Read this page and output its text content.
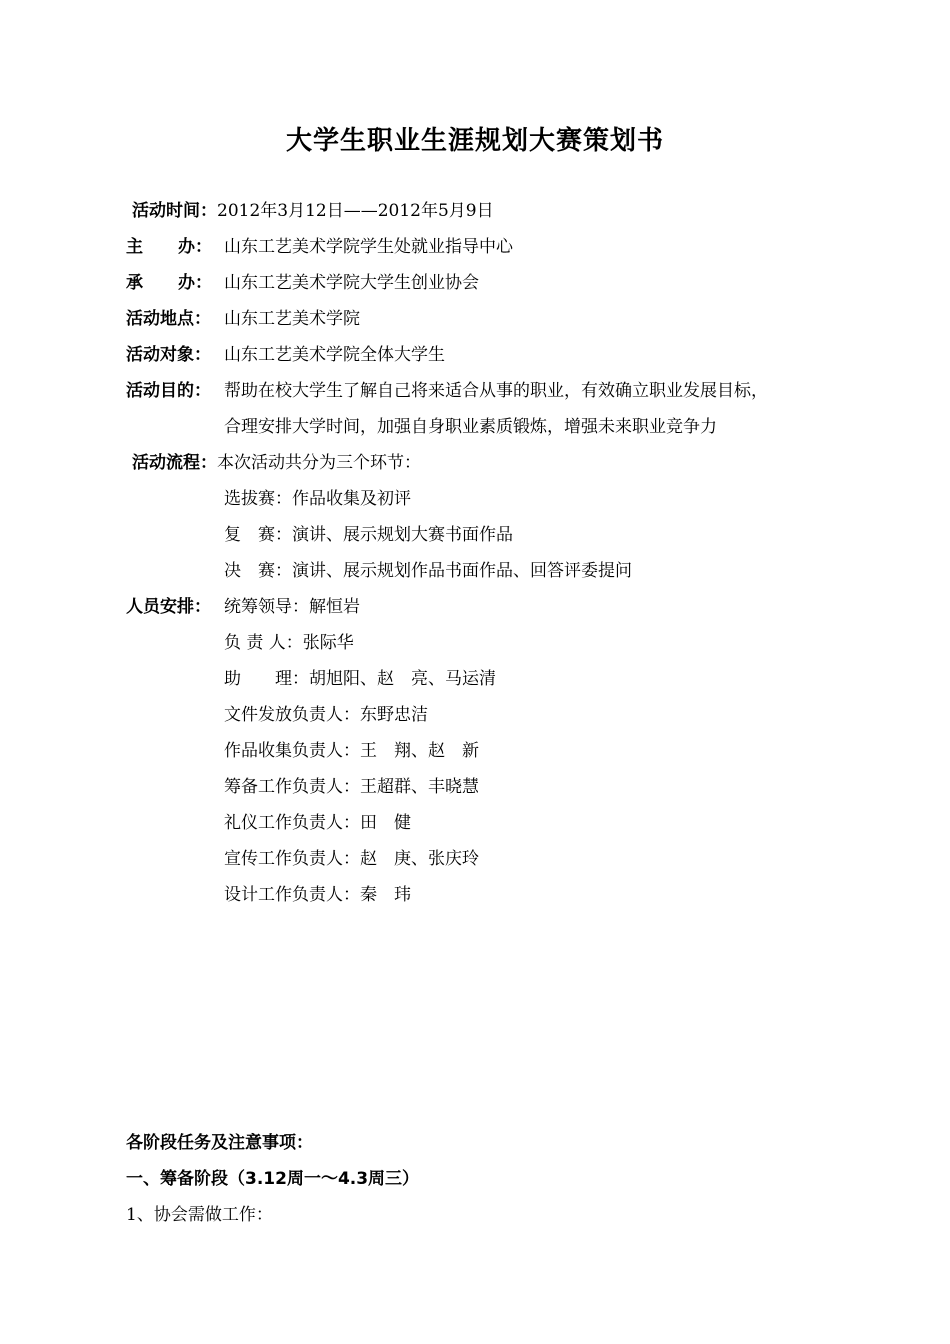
大学生职业生涯规划大赛策划书
活动时间：2012年3月12日——2012年5月9日
主 办： 山东工艺美术学院学生处就业指导中心
承 办： 山东工艺美术学院大学生创业协会
活动地点： 山东工艺美术学院
活动对象： 山东工艺美术学院全体大学生
活动目的： 帮助在校大学生了解自己将来适合从事的职业，有效确立职业发展目标，
合理安排大学时间，加强自身职业素质锻炼，增强未来职业竞争力
活动流程：本次活动共分为三个环节：
选拔赛：作品收集及初评
复　赛：演讲、展示规划大赛书面作品
决　赛：演讲、展示规划作品书面作品、回答评委提问
人员安排： 统筹领导：解恒岩
负 责 人：张际华
助　　理：胡旭阳、赵　亮、马运清
文件发放负责人：东野忠洁
作品收集负责人：王　翔、赵　新
筹备工作负责人：王超群、丰晓慧
礼仪工作负责人：田　健
宣传工作负责人：赵　庚、张庆玲
设计工作负责人：秦　玮
各阶段任务及注意事项：
一、筹备阶段（3.12周一～4.3周三）
1、协会需做工作：
